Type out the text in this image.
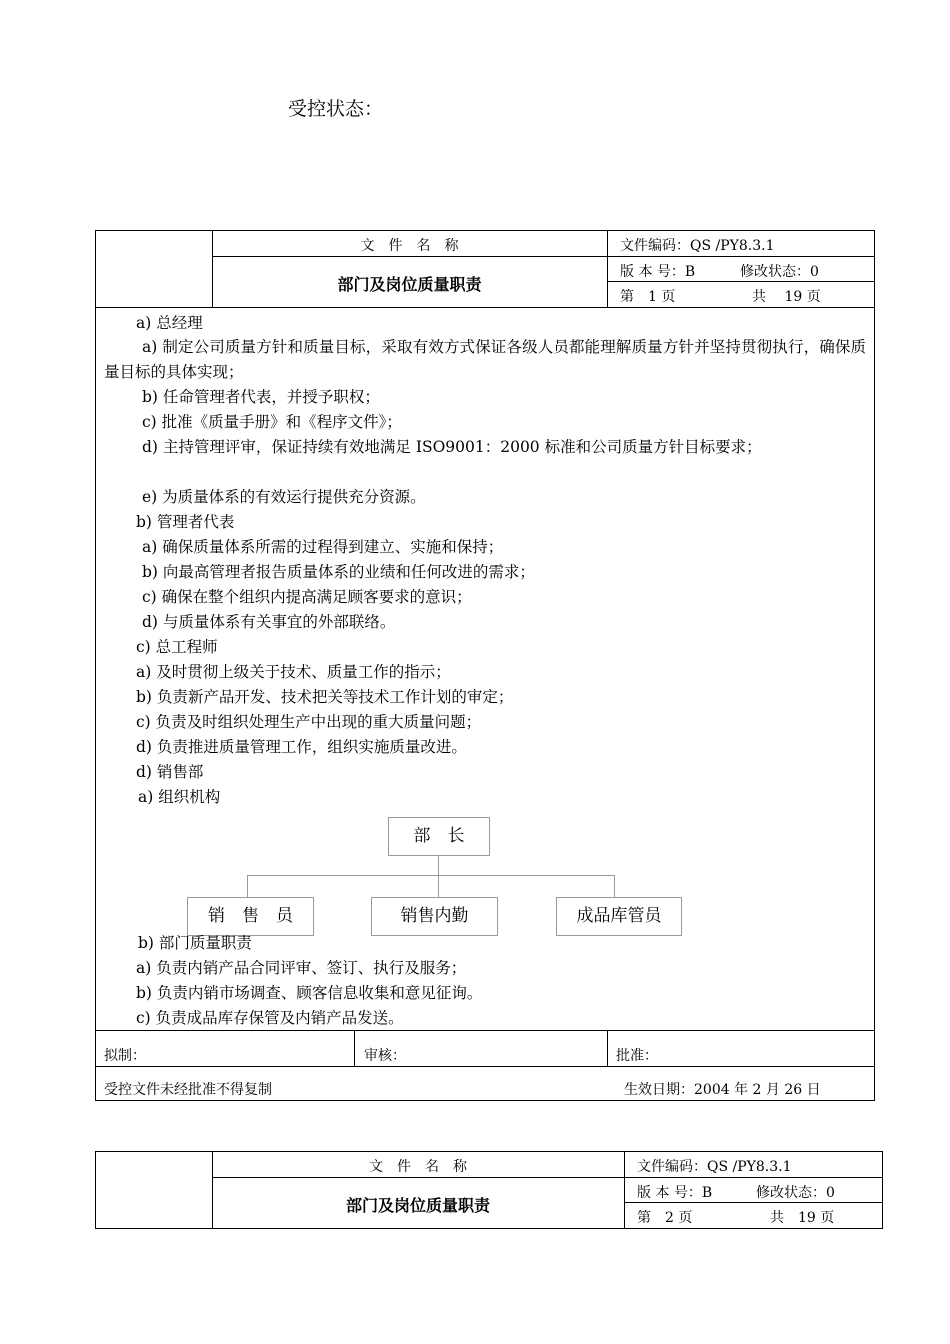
受控状态：
文　件　名　称
部门及岗位质量职责
文件编码：QS /PY8.3.1
版 本 号：B	修改状态：0
第　1 页	共　 19 页
a) 总经理
a) 制定公司质量方针和质量目标，采取有效方式保证各级人员都能理解质量方针并坚持贯彻执行，确保质量目标的具体实现；
b) 任命管理者代表，并授予职权；
c) 批准《质量手册》和《程序文件》；
d) 主持管理评审，保证持续有效地满足 ISO9001：2000 标准和公司质量方针目标要求；
e) 为质量体系的有效运行提供充分资源。
b) 管理者代表
a) 确保质量体系所需的过程得到建立、实施和保持；
b) 向最高管理者报告质量体系的业绩和任何改进的需求；
c) 确保在整个组织内提高满足顾客要求的意识；
d) 与质量体系有关事宜的外部联络。
c) 总工程师
a) 及时贯彻上级关于技术、质量工作的指示；
b) 负责新产品开发、技术把关等技术工作计划的审定；
c) 负责及时组织处理生产中出现的重大质量问题；
d) 负责推进质量管理工作，组织实施质量改进。
d) 销售部
a) 组织机构
部　长
销　售　员	销售内勤	成品库管员
b) 部门质量职责
a) 负责内销产品合同评审、签订、执行及服务；
b) 负责内销市场调查、顾客信息收集和意见征询。
c) 负责成品库存保管及内销产品发送。
拟制：	审核：	批准：
受控文件未经批准不得复制	生效日期：2004 年 2 月 26 日
文　件　名　称
部门及岗位质量职责
文件编码：QS /PY8.3.1
版 本 号：B	修改状态：0
第　2 页	共　19 页
